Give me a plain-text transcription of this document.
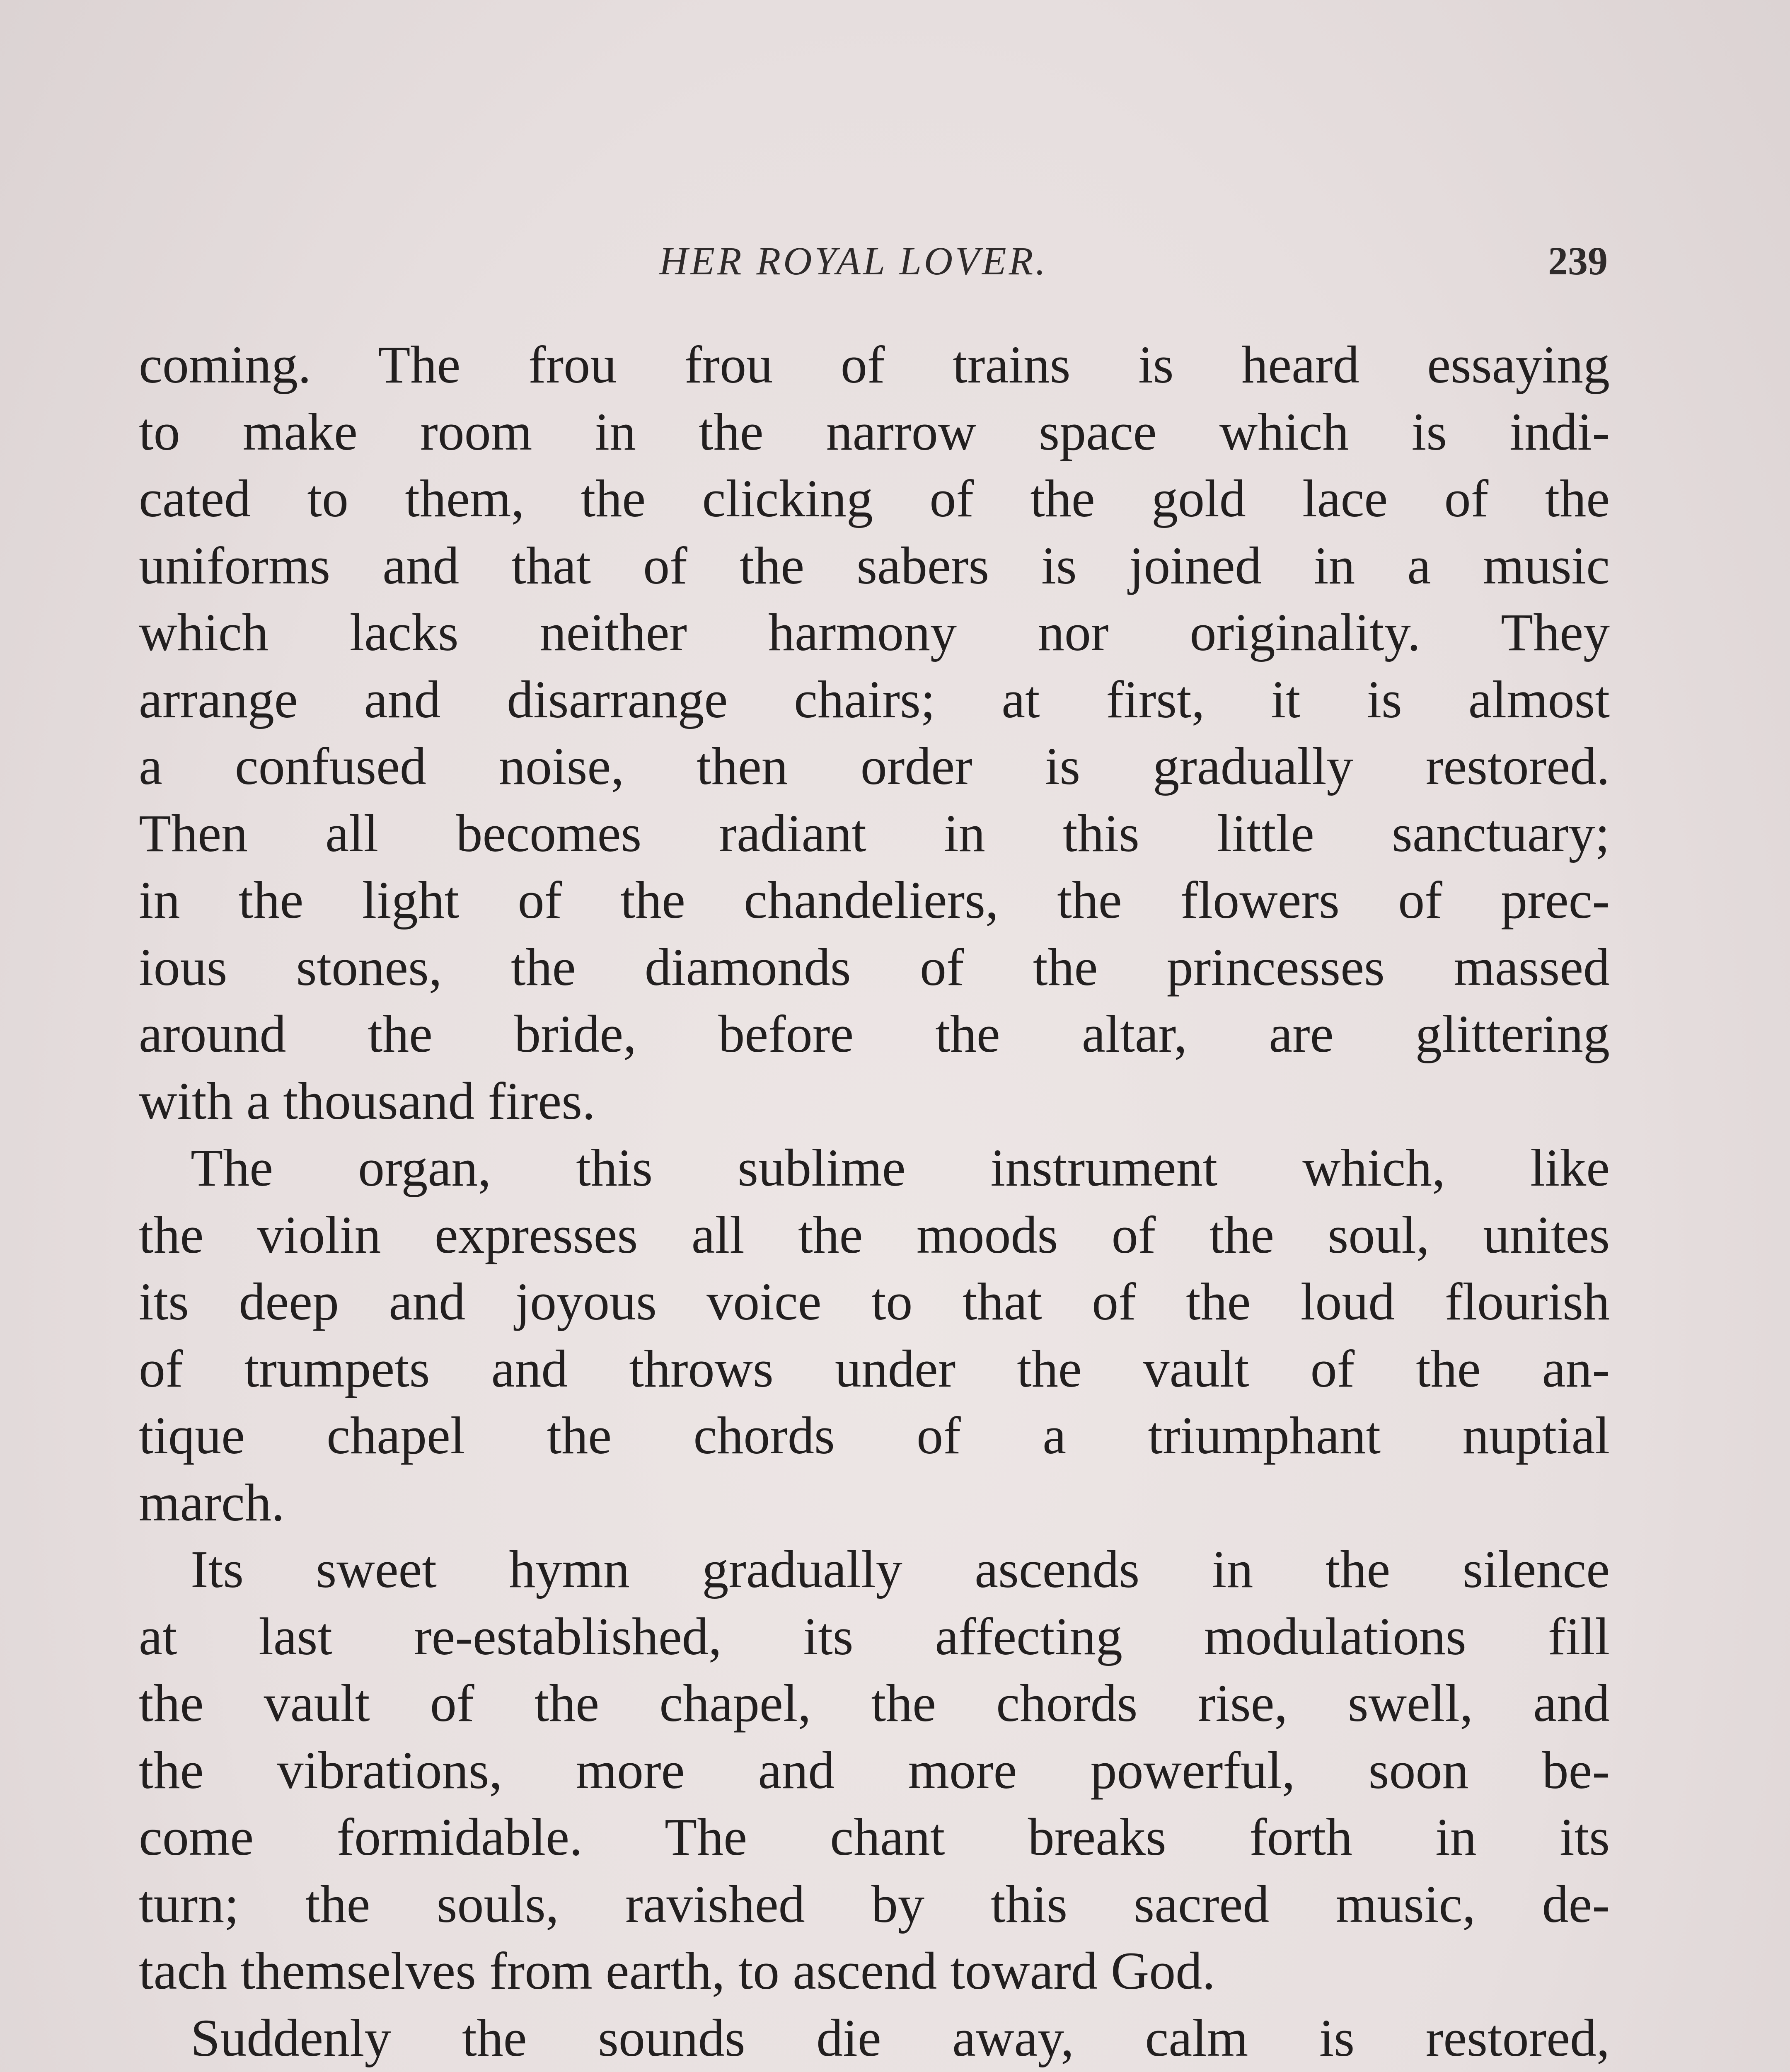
HER ROYAL LOVER.	239
coming. The frou frou of trains is heard essaying
to make room in the narrow space which is indi-
cated to them, the clicking of the gold lace of the
uniforms and that of the sabers is joined in a music
which lacks neither harmony nor originality. They
arrange and disarrange chairs; at first, it is almost
a confused noise, then order is gradually restored.
Then all becomes radiant in this little sanctuary;
in the light of the chandeliers, the flowers of prec-
ious stones, the diamonds of the princesses massed
around the bride, before the altar, are glittering
with a thousand fires.
The organ, this sublime instrument which, like
the violin expresses all the moods of the soul, unites
its deep and joyous voice to that of the loud flourish
of trumpets and throws under the vault of the an-
tique chapel the chords of a triumphant nuptial
march.
Its sweet hymn gradually ascends in the silence
at last re-established, its affecting modulations fill
the vault of the chapel, the chords rise, swell, and
the vibrations, more and more powerful, soon be-
come formidable. The chant breaks forth in its
turn; the souls, ravished by this sacred music, de-
tach themselves from earth, to ascend toward God.
Suddenly the sounds die away, calm is restored,
